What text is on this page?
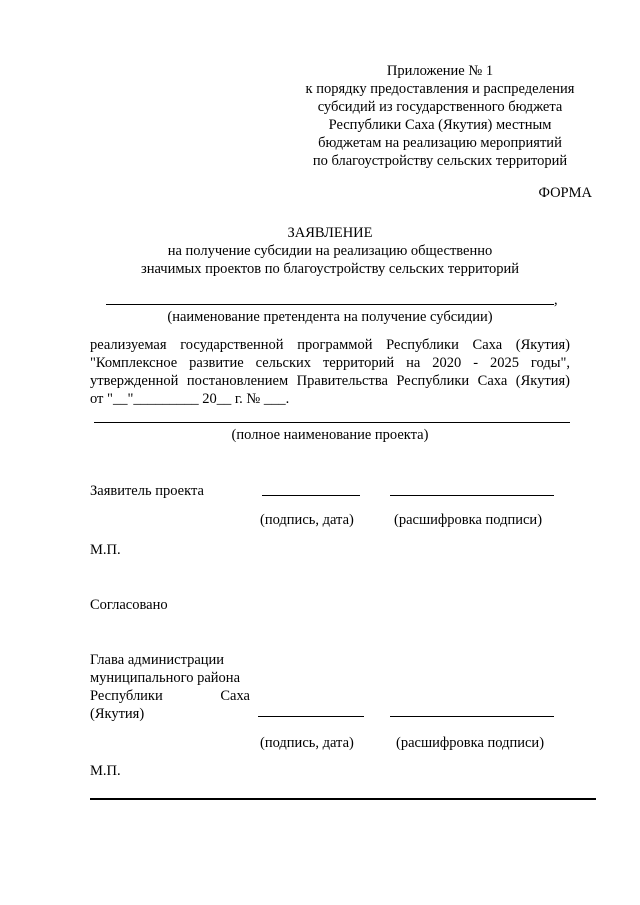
Приложение № 1
к порядку предоставления и распределения
субсидий из государственного бюджета
Республики Саха (Якутия) местным
бюджетам на реализацию мероприятий
по благоустройству сельских территорий
ФОРМА
ЗАЯВЛЕНИЕ
на получение субсидии на реализацию общественно
значимых проектов по благоустройству сельских территорий
,
(наименование претендента на получение субсидии)
реализуемая государственной программой Республики Саха (Якутия)
"Комплексное развитие сельских территорий на 2020 - 2025 годы",
утвержденной постановлением Правительства Республики Саха (Якутия)
от "__"_________ 20__ г. № ___.
(полное наименование проекта)
Заявитель проекта
(подпись, дата)	(расшифровка подписи)
М.П.
Согласовано
Главa администрации
муниципального района
Республики	Саха
(Якутия)
(подпись, дата)	(расшифровка подписи)
М.П.
